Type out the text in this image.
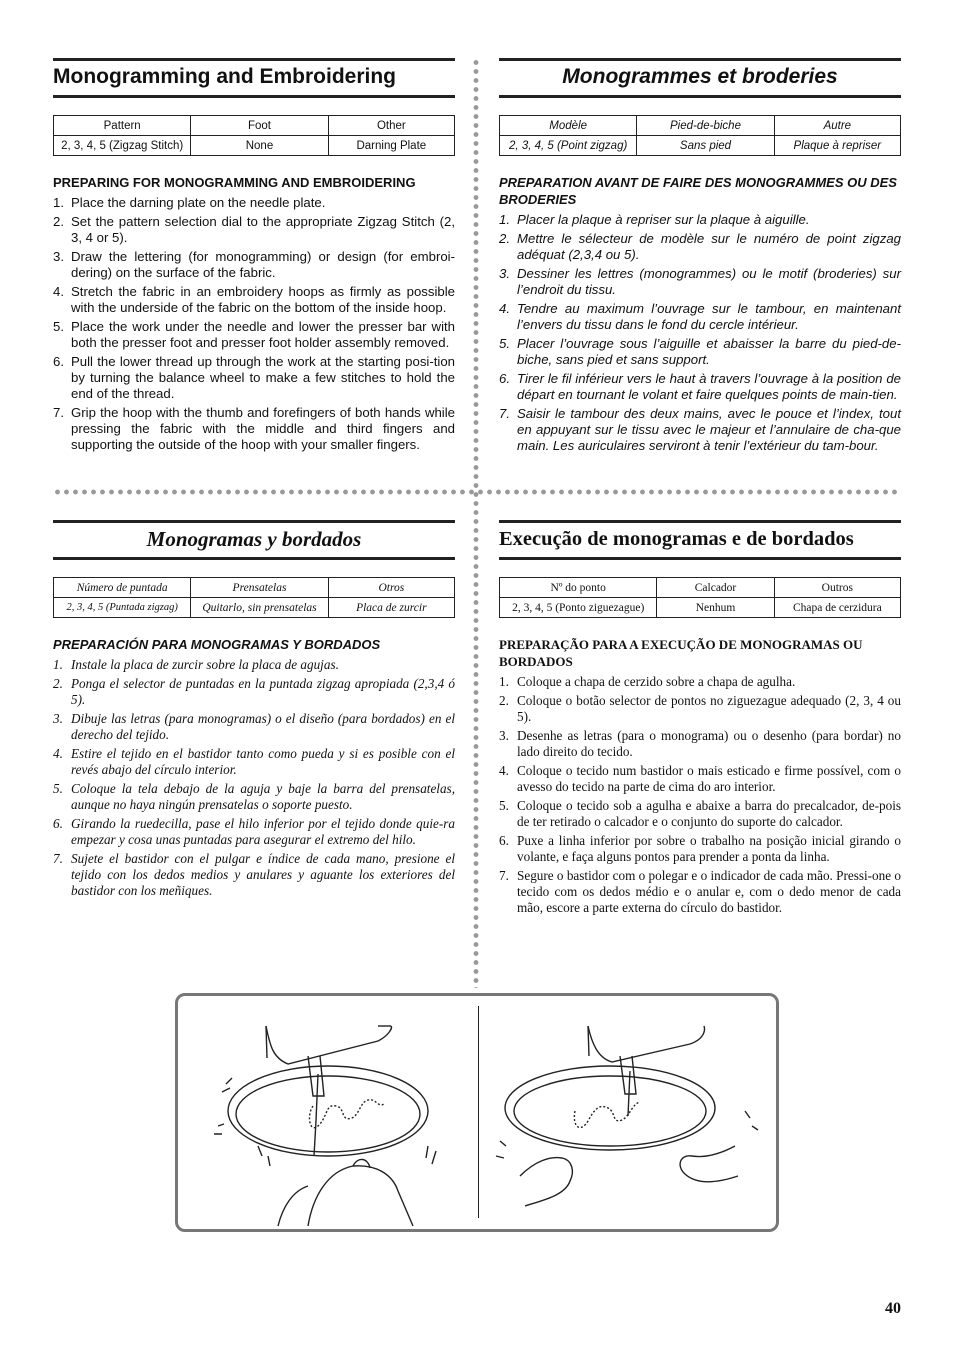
Monogramming and Embroidering
Pattern	Foot	Other
2, 3, 4, 5 (Zigzag Stitch)	None	Darning Plate
PREPARING FOR MONOGRAMMING AND EMBROIDERING
1. Place the darning plate on the needle plate.
2. Set the pattern selection dial to the appropriate Zigzag Stitch (2, 3, 4 or 5).
3. Draw the lettering (for monogramming) or design (for embroi-dering) on the surface of the fabric.
4. Stretch the fabric in an embroidery hoops as firmly as possible with the underside of the fabric on the bottom of the inside hoop.
5. Place the work under the needle and lower the presser bar with both the presser foot and presser foot holder assembly removed.
6. Pull the lower thread up through the work at the starting posi-tion by turning the balance wheel to make a few stitches to hold the end of the thread.
7. Grip the hoop with the thumb and forefingers of both hands while pressing the fabric with the middle and third fingers and supporting the outside of the hoop with your smaller fingers.
Monogrammes et broderies
Modèle	Pied-de-biche	Autre
2, 3, 4, 5 (Point zigzag)	Sans pied	Plaque à repriser
PREPARATION AVANT DE FAIRE DES MONOGRAMMES OU DES BRODERIES
1. Placer la plaque à repriser sur la plaque à aiguille.
2. Mettre le sélecteur de modèle sur le numéro de point zigzag adéquat (2,3,4 ou 5).
3. Dessiner les lettres (monogrammes) ou le motif (broderies) sur l’endroit du tissu.
4. Tendre au maximum l’ouvrage sur le tambour, en maintenant l’envers du tissu dans le fond du cercle intérieur.
5. Placer l’ouvrage sous l’aiguille et abaisser la barre du pied-de-biche, sans pied et sans support.
6. Tirer le fil inférieur vers le haut à travers l’ouvrage à la position de départ en tournant le volant et faire quelques points de main-tien.
7. Saisir le tambour des deux mains, avec le pouce et l’index, tout en appuyant sur le tissu avec le majeur et l’annulaire de cha-que main. Les auriculaires serviront à tenir l’extérieur du tam-bour.
Monogramas y bordados
Número de puntada	Prensatelas	Otros
2, 3, 4, 5 (Puntada zigzag)	Quitarlo, sin prensatelas	Placa de zurcir
PREPARACIÓN PARA MONOGRAMAS Y BORDADOS
1. Instale la placa de zurcir sobre la placa de agujas.
2. Ponga el selector de puntadas en la puntada zigzag apropiada (2,3,4 ó 5).
3. Dibuje las letras (para monogramas) o el diseño (para bordados) en el derecho del tejido.
4. Estire el tejido en el bastidor tanto como pueda y si es posible con el revés abajo del círculo interior.
5. Coloque la tela debajo de la aguja y baje la barra del prensatelas, aunque no haya ningún prensatelas o soporte puesto.
6. Girando la ruedecilla, pase el hilo inferior por el tejido donde quie-ra empezar y cosa unas puntadas para asegurar el extremo del hilo.
7. Sujete el bastidor con el pulgar e índice de cada mano, presione el tejido con los dedos medios y anulares y aguante los exteriores del bastidor con los meñiques.
Execução de monogramas e de bordados
Nº do ponto	Calcador	Outros
2, 3, 4, 5 (Ponto ziguezague)	Nenhum	Chapa de cerzidura
PREPARAÇÃO PARA A EXECUÇÃO DE MONOGRAMAS OU BORDADOS
1. Coloque a chapa de cerzido sobre a chapa de agulha.
2. Coloque o botão selector de pontos no ziguezague adequado (2, 3, 4 ou 5).
3. Desenhe as letras (para o monograma) ou o desenho (para bordar) no lado direito do tecido.
4. Coloque o tecido num bastidor o mais esticado e firme possível, com o avesso do tecido na parte de cima do aro interior.
5. Coloque o tecido sob a agulha e abaixe a barra do precalcador, de-pois de ter retirado o calcador e o conjunto do suporte do calcador.
6. Puxe a linha inferior por sobre o trabalho na posição inicial girando o volante, e faça alguns pontos para prender a ponta da linha.
7. Segure o bastidor com o polegar e o indicador de cada mão. Pressi-one o tecido com os dedos médio e o anular e, com o dedo menor de cada mão, escore a parte externa do círculo do bastidor.
40
